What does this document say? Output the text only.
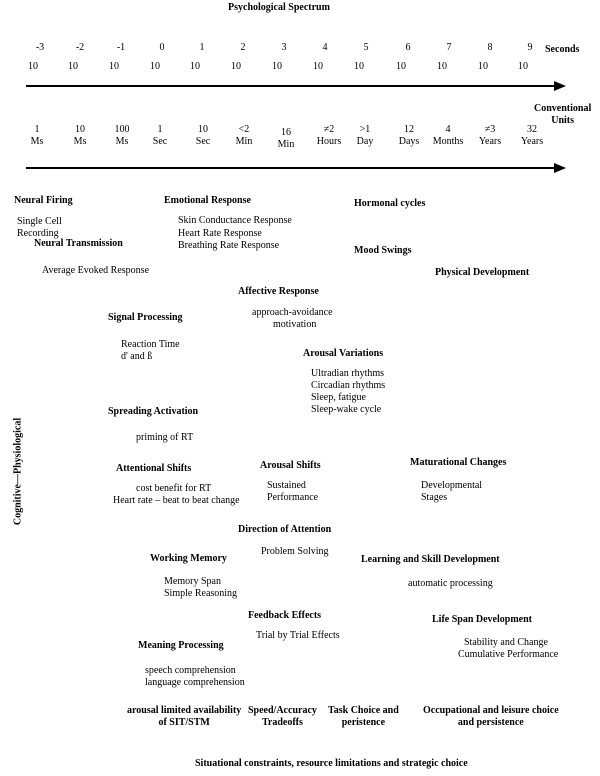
Psychological Spectrum
-3
10
-2
10
-1
10
0
10
1
10
2
10
3
10
4
10
5
10
6
10
7
10
8
10
9
10
Seconds
Conventional
Units
1
Ms
10
Ms
100
Ms
1
Sec
10
Sec
<2
Min
16
Min
≠2
Hours
>1
Day
12
Days
4
Months
≠3
Years
32
Years
Cognitive—Physiological
Neural Firing
Single Cell
Recording
Neural Transmission
Average Evoked Response
Emotional Response
Skin Conductance Response
Heart Rate Response
Breathing Rate Response
Hormonal cycles
Mood Swings
Physical Development
Affective Response
approach-avoidance
motivation
Signal Processing
Reaction Time
d' and ß	Arousal Variations
Ultradian rhythms
Circadian rhythms
Sleep, fatigue
Sleep-wake cycle
Spreading Activation
priming of RT
Attentional Shifts
cost benefit for RT
Heart rate – beat to beat change
Arousal Shifts
Sustained
Performance
Maturational Changes
Developmental
Stages
Direction of Attention
Problem Solving
Working Memory	Learning and Skill Development
Memory Span
Simple Reasoning
automatic processing
Feedback Effects
Trial by Trial Effects
Life Span Development
Meaning Processing	Stability and Change
Cumulative Performance
speech comprehension
language comprehension
arousal limited availability
of SIT/STM
Speed/Accuracy
Tradeoffs
Task Choice and
peristence
Occupational and leisure choice
and persistence
Situational constraints, resource limitations and strategic choice
